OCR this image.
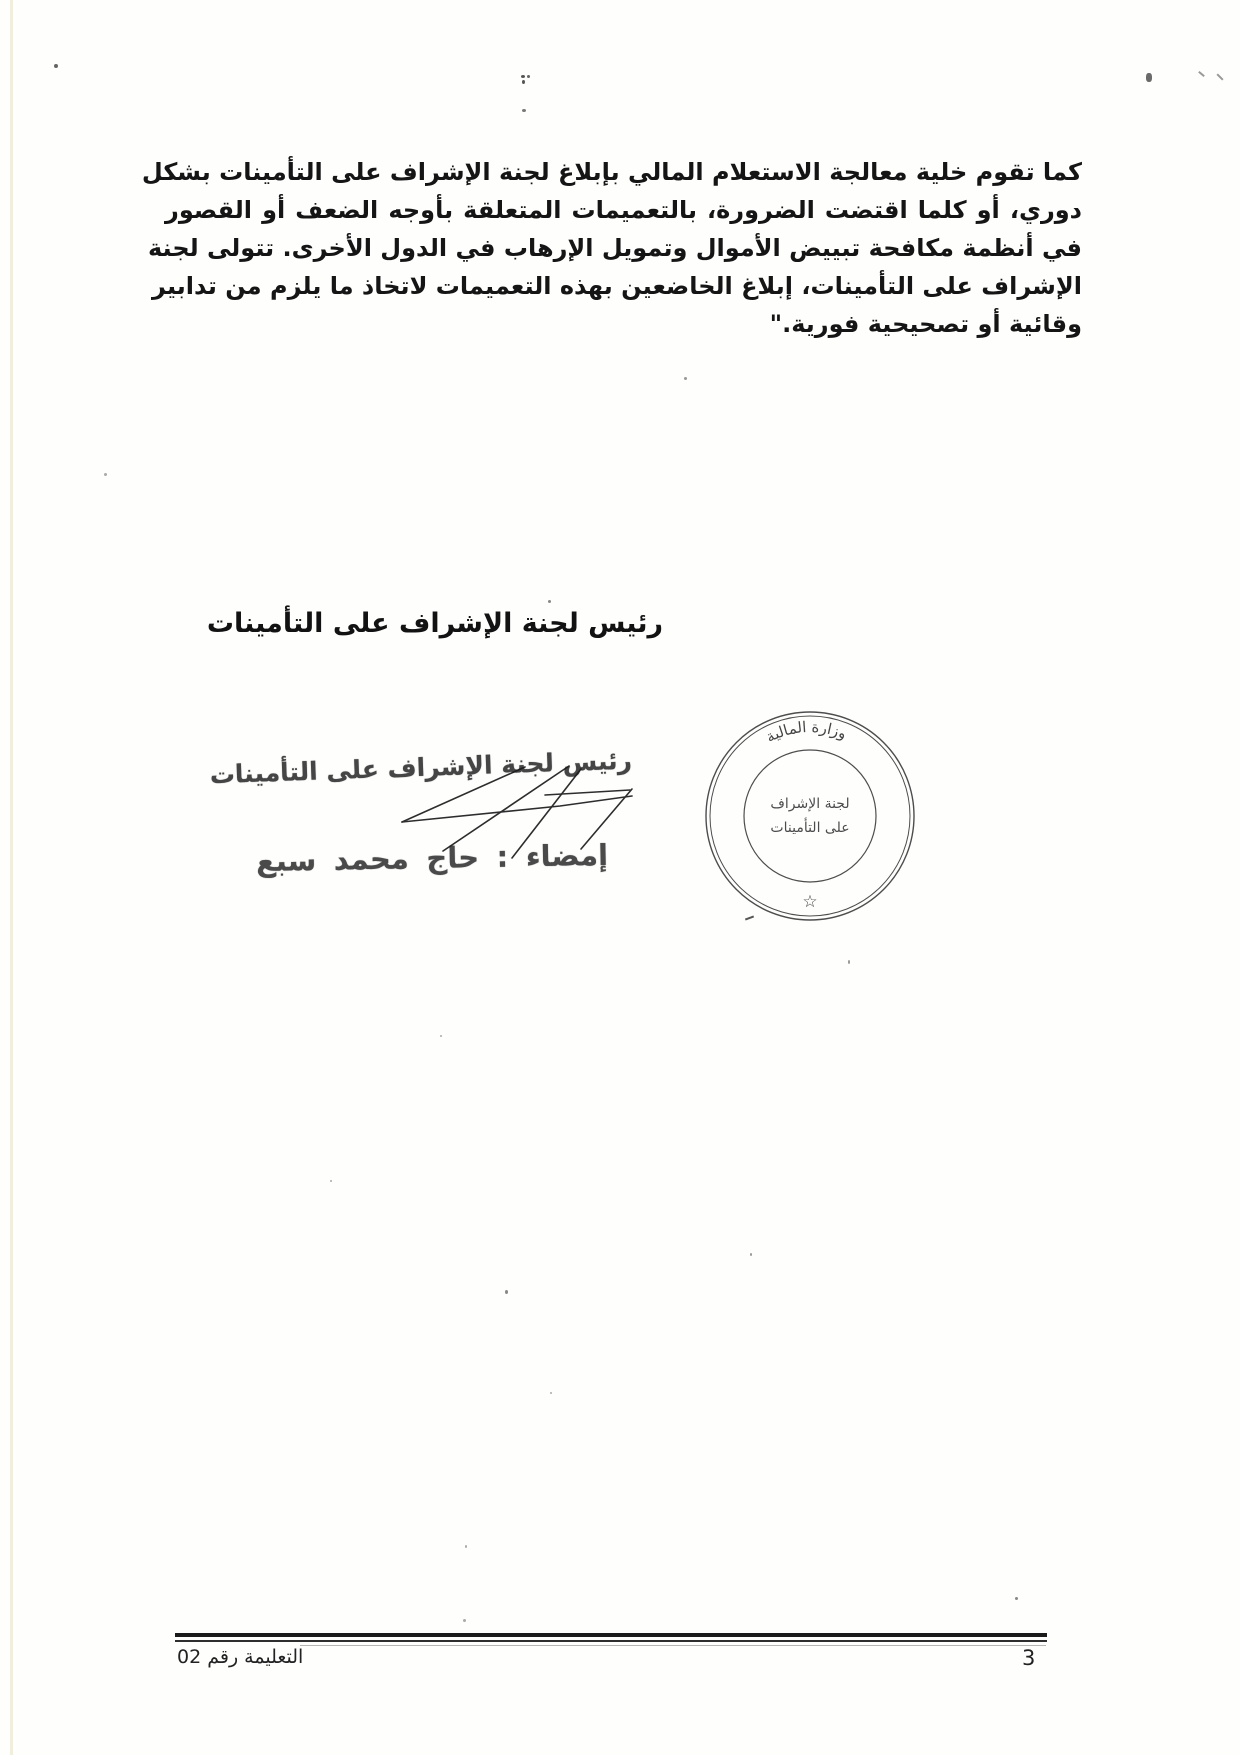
كما تقوم خلية معالجة الاستعلام المالي بإبلاغ لجنة الإشراف على التأمينات بشكل
دوري، أو كلما اقتضت الضرورة، بالتعميمات المتعلقة بأوجه الضعف أو القصور
في أنظمة مكافحة تبييض الأموال وتمويل الإرهاب في الدول الأخرى. تتولى لجنة
الإشراف على التأمينات، إبلاغ الخاضعين بهذه التعميمات لاتخاذ ما يلزم من تدابير
وقائية أو تصحيحية فورية."
رئيس لجنة الإشراف على التأمينات
رئيس لجنة الإشراف على التأمينات
إمضاء : حاج محمد سبع
وزارة المالية
لجنة الإشراف
على التأمينات
☆
التعليمة رقم 02	3
